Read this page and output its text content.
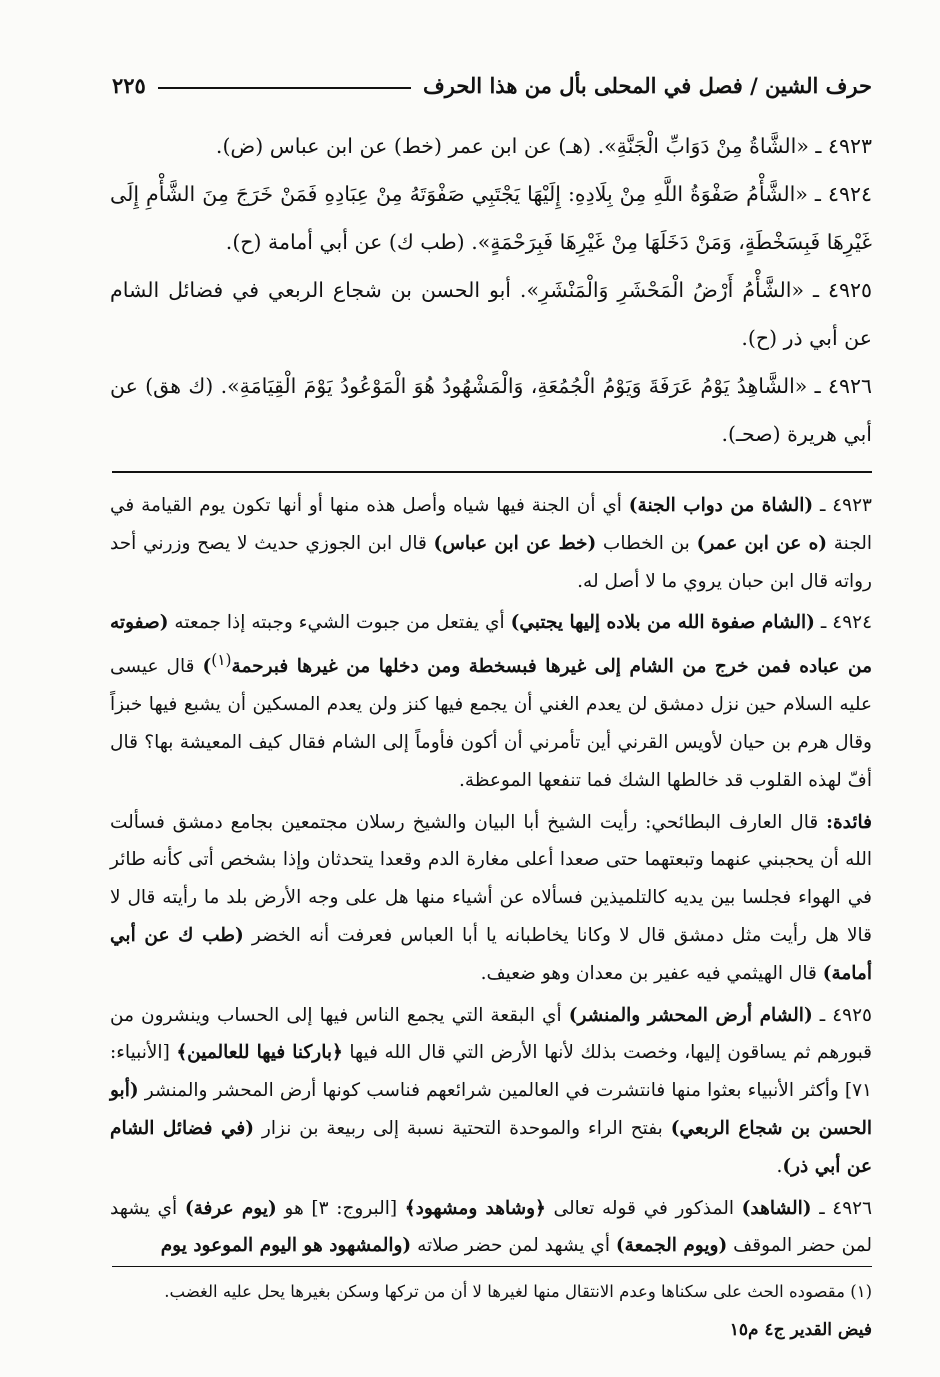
حرف الشين / فصل في المحلى بأل من هذا الحرف
٢٢٥

٤٩٢٣ ـ «الشَّاةُ مِنْ دَوَابِّ الْجَنَّةِ». (هـ) عن ابن عمر (خط) عن ابن عباس (ض).

٤٩٢٤ ـ «الشَّأْمُ صَفْوَةُ اللَّهِ مِنْ بِلَادِهِ: إِلَيْهَا يَجْتَبِي صَفْوَتَهُ مِنْ عِبَادِهِ فَمَنْ خَرَجَ مِنَ الشَّأْمِ إِلَى غَيْرِهَا فَبِسَخْطَةٍ، وَمَنْ دَخَلَهَا مِنْ غَيْرِهَا فَبِرَحْمَةٍ». (طب ك) عن أبي أمامة (ح).

٤٩٢٥ ـ «الشَّأْمُ أَرْضُ الْمَحْشَرِ وَالْمَنْشَرِ». أبو الحسن بن شجاع الربعي في فضائل الشام عن أبي ذر (ح).

٤٩٢٦ ـ «الشَّاهِدُ يَوْمُ عَرَفَةَ وَيَوْمُ الْجُمُعَةِ، وَالْمَشْهُودُ هُوَ الْمَوْعُودُ يَوْمَ الْقِيَامَةِ». (ك هق) عن أبي هريرة (صحـ).

٤٩٢٣ ـ (الشاة من دواب الجنة) أي أن الجنة فيها شياه وأصل هذه منها أو أنها تكون يوم القيامة في الجنة (ه عن ابن عمر) بن الخطاب (خط عن ابن عباس) قال ابن الجوزي حديث لا يصح وزرني أحد رواته قال ابن حبان يروي ما لا أصل له.

٤٩٢٤ ـ (الشام صفوة الله من بلاده إليها يجتبي) أي يفتعل من جبوت الشيء وجبته إذا جمعته (صفوته من عباده فمن خرج من الشام إلى غيرها فبسخطة ومن دخلها من غيرها فبرحمة$^{(١)}$) قال عيسى عليه السلام حين نزل دمشق لن يعدم الغني أن يجمع فيها كنز ولن يعدم المسكين أن يشبع فيها خبزاً وقال هرم بن حيان لأويس القرني أين تأمرني أن أكون فأوماً إلى الشام فقال كيف المعيشة بها؟ قال أفّ لهذه القلوب قد خالطها الشك فما تنفعها الموعظة.

فائدة: قال العارف البطائحي: رأيت الشيخ أبا البيان والشيخ رسلان مجتمعين بجامع دمشق فسألت الله أن يحجبني عنهما وتبعتهما حتى صعدا أعلى مغارة الدم وقعدا يتحدثان وإذا بشخص أتى كأنه طائر في الهواء فجلسا بين يديه كالتلميذين فسألاه عن أشياء منها هل على وجه الأرض بلد ما رأيته قال لا قالا هل رأيت مثل دمشق قال لا وكانا يخاطبانه يا أبا العباس فعرفت أنه الخضر (طب ك عن أبي أمامة) قال الهيثمي فيه عفير بن معدان وهو ضعيف.

٤٩٢٥ ـ (الشام أرض المحشر والمنشر) أي البقعة التي يجمع الناس فيها إلى الحساب وينشرون من قبورهم ثم يساقون إليها، وخصت بذلك لأنها الأرض التي قال الله فيها ﴿باركنا فيها للعالمين﴾ [الأنبياء: ٧١] وأكثر الأنبياء بعثوا منها فانتشرت في العالمين شرائعهم فناسب كونها أرض المحشر والمنشر (أبو الحسن بن شجاع الربعي) بفتح الراء والموحدة التحتية نسبة إلى ربيعة بن نزار (في فضائل الشام عن أبي ذر).

٤٩٢٦ ـ (الشاهد) المذكور في قوله تعالى ﴿وشاهد ومشهود﴾ [البروج: ٣] هو (يوم عرفة) أي يشهد لمن حضر الموقف (ويوم الجمعة) أي يشهد لمن حضر صلاته (والمشهود هو اليوم الموعود يوم

(١) مقصوده الحث على سكناها وعدم الانتقال منها لغيرها لا أن من تركها وسكن بغيرها يحل عليه الغضب.

فيض القدير ج٤ م١٥
